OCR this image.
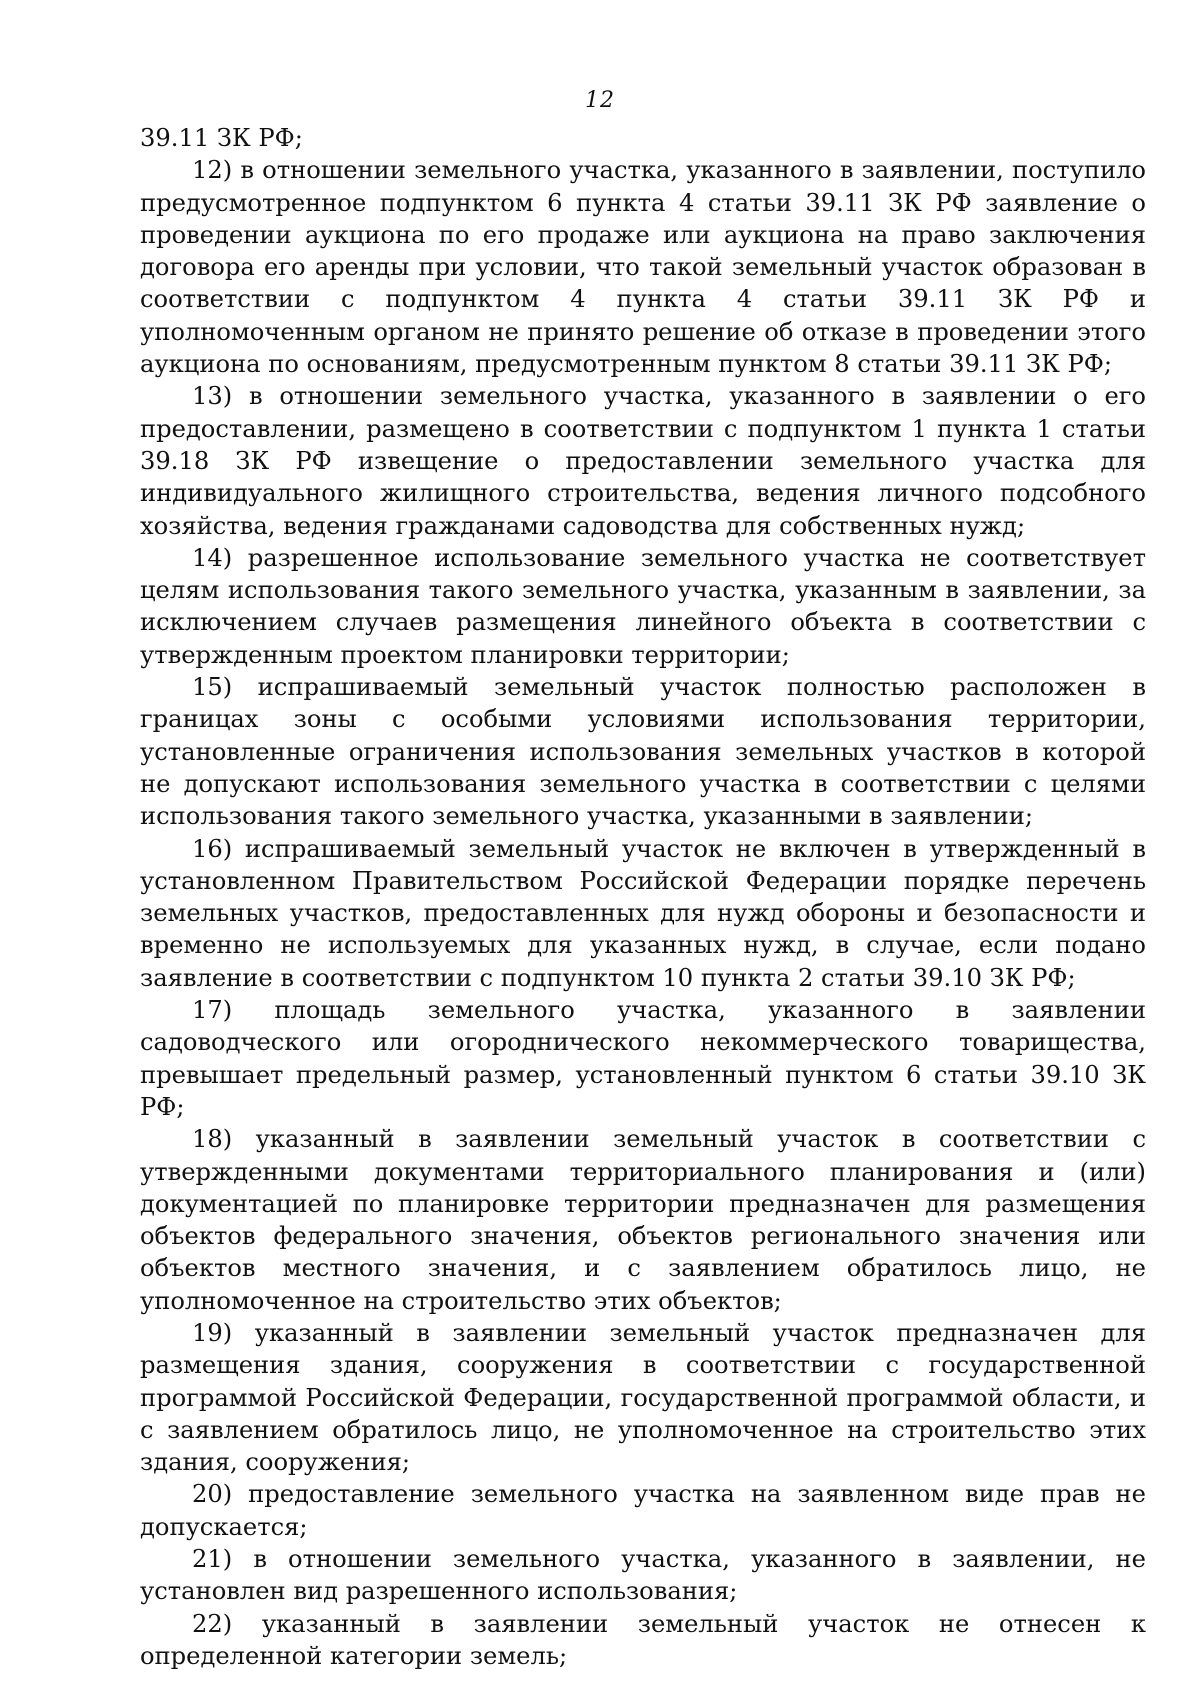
12

39.11 ЗК РФ;

12) в отношении земельного участка, указанного в заявлении, поступило предусмотренное подпунктом 6 пункта 4 статьи 39.11 ЗК РФ заявление о проведении аукциона по его продаже или аукциона на право заключения договора его аренды при условии, что такой земельный участок образован в соответствии с подпунктом 4 пункта 4 статьи 39.11 ЗК РФ и уполномоченным органом не принято решение об отказе в проведении этого аукциона по основаниям, предусмотренным пунктом 8 статьи 39.11 ЗК РФ;

13) в отношении земельного участка, указанного в заявлении о его предоставлении, размещено в соответствии с подпунктом 1 пункта 1 статьи 39.18 ЗК РФ извещение о предоставлении земельного участка для индивидуального жилищного строительства, ведения личного подсобного хозяйства, ведения гражданами садоводства для собственных нужд;

14) разрешенное использование земельного участка не соответствует целям использования такого земельного участка, указанным в заявлении, за исключением случаев размещения линейного объекта в соответствии с утвержденным проектом планировки территории;

15) испрашиваемый земельный участок полностью расположен в границах зоны с особыми условиями использования территории, установленные ограничения использования земельных участков в которой не допускают использования земельного участка в соответствии с целями использования такого земельного участка, указанными в заявлении;

16) испрашиваемый земельный участок не включен в утвержденный в установленном Правительством Российской Федерации порядке перечень земельных участков, предоставленных для нужд обороны и безопасности и временно не используемых для указанных нужд, в случае, если подано заявление в соответствии с подпунктом 10 пункта 2 статьи 39.10 ЗК РФ;

17) площадь земельного участка, указанного в заявлении садоводческого или огороднического некоммерческого товарищества, превышает предельный размер, установленный пунктом 6 статьи 39.10 ЗК РФ;

18) указанный в заявлении земельный участок в соответствии с утвержденными документами территориального планирования и (или) документацией по планировке территории предназначен для размещения объектов федерального значения, объектов регионального значения или объектов местного значения, и с заявлением обратилось лицо, не уполномоченное на строительство этих объектов;

19) указанный в заявлении земельный участок предназначен для размещения здания, сооружения в соответствии с государственной программой Российской Федерации, государственной программой области, и с заявлением обратилось лицо, не уполномоченное на строительство этих здания, сооружения;

20) предоставление земельного участка на заявленном виде прав не допускается;

21) в отношении земельного участка, указанного в заявлении, не установлен вид разрешенного использования;

22) указанный в заявлении земельный участок не отнесен к определенной категории земель;
